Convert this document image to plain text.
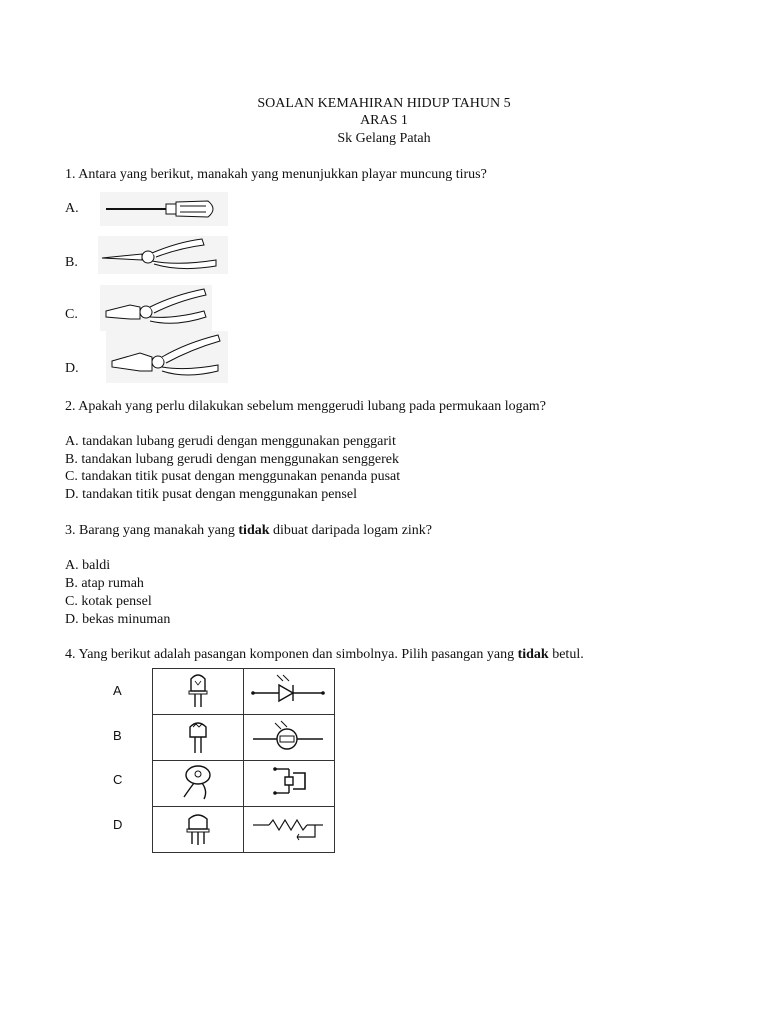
SOALAN KEMAHIRAN HIDUP TAHUN 5
ARAS 1
Sk Gelang Patah
1. Antara yang berikut, manakah yang menunjukkan playar muncung tirus?
A.
B.
C.
D.
2. Apakah yang perlu dilakukan sebelum menggerudi lubang pada permukaan logam?
A. tandakan lubang gerudi dengan menggunakan penggarit
B. tandakan lubang gerudi dengan menggunakan senggerek
C. tandakan titik pusat dengan menggunakan penanda pusat
D. tandakan titik pusat dengan menggunakan pensel
3. Barang yang manakah yang tidak dibuat daripada logam zink?
A. baldi
B. atap rumah
C. kotak pensel
D. bekas minuman
4. Yang berikut adalah pasangan komponen dan simbolnya. Pilih pasangan yang tidak betul.
A
B
C
D
